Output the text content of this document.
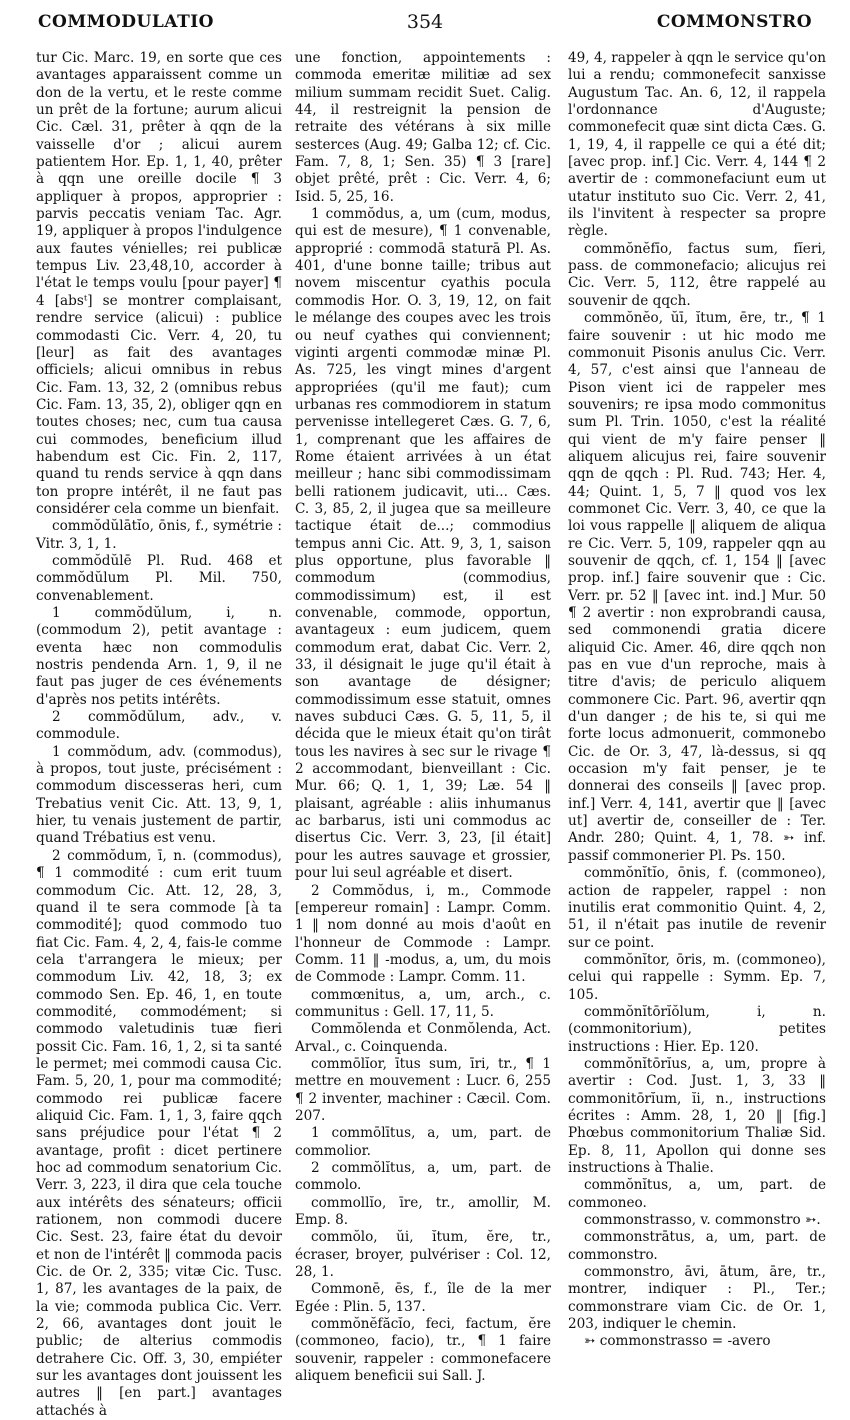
COMMODULATIO	354	COMMONSTRO

tur Cic. Marc. 19, en sorte que ces avantages apparaissent comme un don de la vertu, et le reste comme un prêt de la fortune; aurum alicui Cic. Cæl. 31, prêter à qqn de la vaisselle d'or ; alicui aurem patientem Hor. Ep. 1, 1, 40, prêter à qqn une oreille docile ¶ 3 appliquer à propos, approprier : parvis peccatis veniam Tac. Agr. 19, appliquer à propos l'indulgence aux fautes vénielles; rei publicæ tempus Liv. 23,48,10, accorder à l'état le temps voulu [pour payer] ¶ 4 [absᵗ] se montrer complaisant, rendre service (alicui) : publice commodasti Cic. Verr. 4, 20, tu [leur] as fait des avantages officiels; alicui omnibus in rebus Cic. Fam. 13, 32, 2 (omnibus rebus Cic. Fam. 13, 35, 2), obliger qqn en toutes choses; nec, cum tua causa cui commodes, beneficium illud habendum est Cic. Fin. 2, 117, quand tu rends service à qqn dans ton propre intérêt, il ne faut pas considérer cela comme un bienfait.

commŏdŭlātĭo, ōnis, f., symétrie : Vitr. 3, 1, 1.

commŏdŭlē Pl. Rud. 468 et commŏdŭlum Pl. Mil. 750, convenablement.

1 commŏdŭlum, i, n. (commodum 2), petit avantage : eventa hæc non commodulis nostris pendenda Arn. 1, 9, il ne faut pas juger de ces événements d'après nos petits intérêts.

2 commŏdŭlum, adv., v. commodule.

1 commŏdum, adv. (commodus), à propos, tout juste, précisément : commodum discesseras heri, cum Trebatius venit Cic. Att. 13, 9, 1, hier, tu venais justement de partir, quand Trébatius est venu.

2 commŏdum, ī, n. (commodus), ¶ 1 commodité : cum erit tuum commodum Cic. Att. 12, 28, 3, quand il te sera commode [à ta commodité]; quod commodo tuo fiat Cic. Fam. 4, 2, 4, fais-le comme cela t'arrangera le mieux; per commodum Liv. 42, 18, 3; ex commodo Sen. Ep. 46, 1, en toute commodité, commodément; si commodo valetudinis tuæ fieri possit Cic. Fam. 16, 1, 2, si ta santé le permet; mei commodi causa Cic. Fam. 5, 20, 1, pour ma commodité; commodo rei publicæ facere aliquid Cic. Fam. 1, 1, 3, faire qqch sans préjudice pour l'état ¶ 2 avantage, profit : dicet pertinere hoc ad commodum senatorium Cic. Verr. 3, 223, il dira que cela touche aux intérêts des sénateurs; officii rationem, non commodi ducere Cic. Sest. 23, faire état du devoir et non de l'intérêt ‖ commoda pacis Cic. de Or. 2, 335; vitæ Cic. Tusc. 1, 87, les avantages de la paix, de la vie; commoda publica Cic. Verr. 2, 66, avantages dont jouit le public; de alterius commodis detrahere Cic. Off. 3, 30, empiéter sur les avantages dont jouissent les autres ‖ [en part.] avantages attachés à

une fonction, appointements : commoda emeritæ militiæ ad sex milium summam recidit Suet. Calig. 44, il restreignit la pension de retraite des vétérans à six mille sesterces (Aug. 49; Galba 12; cf. Cic. Fam. 7, 8, 1; Sen. 35) ¶ 3 [rare] objet prêté, prêt : Cic. Verr. 4, 6; Isid. 5, 25, 16.

1 commŏdus, a, um (cum, modus, qui est de mesure), ¶ 1 convenable, approprié : commodā staturā Pl. As. 401, d'une bonne taille; tribus aut novem miscentur cyathis pocula commodis Hor. O. 3, 19, 12, on fait le mélange des coupes avec les trois ou neuf cyathes qui conviennent; viginti argenti commodæ minæ Pl. As. 725, les vingt mines d'argent appropriées (qu'il me faut); cum urbanas res commodiorem in statum pervenisse intellegeret Cæs. G. 7, 6, 1, comprenant que les affaires de Rome étaient arrivées à un état meilleur ; hanc sibi commodissimam belli rationem judicavit, uti... Cæs. C. 3, 85, 2, il jugea que sa meilleure tactique était de...; commodius tempus anni Cic. Att. 9, 3, 1, saison plus opportune, plus favorable ‖ commodum (commodius, commodissimum) est, il est convenable, commode, opportun, avantageux : eum judicem, quem commodum erat, dabat Cic. Verr. 2, 33, il désignait le juge qu'il était à son avantage de désigner; commodissimum esse statuit, omnes naves subduci Cæs. G. 5, 11, 5, il décida que le mieux était qu'on tirât tous les navires à sec sur le rivage ¶ 2 accommodant, bienveillant : Cic. Mur. 66; Q. 1, 1, 39; Læ. 54 ‖ plaisant, agréable : aliis inhumanus ac barbarus, isti uni commodus ac disertus Cic. Verr. 3, 23, [il était] pour les autres sauvage et grossier, pour lui seul agréable et disert.

2 Commŏdus, i, m., Commode [empereur romain] : Lampr. Comm. 1 ‖ nom donné au mois d'août en l'honneur de Commode : Lampr. Comm. 11 ‖ -modus, a, um, du mois de Commode : Lampr. Comm. 11.

commœnitus, a, um, arch., c. communitus : Gell. 17, 11, 5.

Commŏlenda et Conmŏlenda, Act. Arval., c. Coinquenda.

commōlĭor, ītus sum, īri, tr., ¶ 1 mettre en mouvement : Lucr. 6, 255 ¶ 2 inventer, machiner : Cæcil. Com. 207.

1 commōlītus, a, um, part. de commolior.

2 commŏlĭtus, a, um, part. de commolo.

commollĭo, īre, tr., amollir, M. Emp. 8.

commŏlo, ŭi, ĭtum, ĕre, tr., écraser, broyer, pulvériser : Col. 12, 28, 1.

Commonē, ēs, f., île de la mer Egée : Plin. 5, 137.

commŏnĕfăcĭo, feci, factum, ĕre (commoneo, facio), tr., ¶ 1 faire souvenir, rappeler : commonefacere aliquem beneficii sui Sall. J.

49, 4, rappeler à qqn le service qu'on lui a rendu; commonefecit sanxisse Augustum Tac. An. 6, 12, il rappela l'ordonnance d'Auguste; commonefecit quæ sint dicta Cæs. G. 1, 19, 4, il rappelle ce qui a été dit; [avec prop. inf.] Cic. Verr. 4, 144 ¶ 2 avertir de : commonefaciunt eum ut utatur instituto suo Cic. Verr. 2, 41, ils l'invitent à respecter sa propre règle.

commŏnĕfīo, factus sum, fĭeri, pass. de commonefacio; alicujus rei Cic. Verr. 5, 112, être rappelé au souvenir de qqch.

commŏnĕo, ŭī, ĭtum, ēre, tr., ¶ 1 faire souvenir : ut hic modo me commonuit Pisonis anulus Cic. Verr. 4, 57, c'est ainsi que l'anneau de Pison vient ici de rappeler mes souvenirs; re ipsa modo commonitus sum Pl. Trin. 1050, c'est la réalité qui vient de m'y faire penser ‖ aliquem alicujus rei, faire souvenir qqn de qqch : Pl. Rud. 743; Her. 4, 44; Quint. 1, 5, 7 ‖ quod vos lex commonet Cic. Verr. 3, 40, ce que la loi vous rappelle ‖ aliquem de aliqua re Cic. Verr. 5, 109, rappeler qqn au souvenir de qqch, cf. 1, 154 ‖ [avec prop. inf.] faire souvenir que : Cic. Verr. pr. 52 ‖ [avec int. ind.] Mur. 50 ¶ 2 avertir : non exprobrandi causa, sed commonendi gratia dicere aliquid Cic. Amer. 46, dire qqch non pas en vue d'un reproche, mais à titre d'avis; de periculo aliquem commonere Cic. Part. 96, avertir qqn d'un danger ; de his te, si qui me forte locus admonuerit, commonebo Cic. de Or. 3, 47, là-dessus, si qq occasion m'y fait penser, je te donnerai des conseils ‖ [avec prop. inf.] Verr. 4, 141, avertir que ‖ [avec ut] avertir de, conseiller de : Ter. Andr. 280; Quint. 4, 1, 78. ➳ inf. passif commonerier Pl. Ps. 150.

commŏnĭtĭo, ōnis, f. (commoneo), action de rappeler, rappel : non inutilis erat commonitio Quint. 4, 2, 51, il n'était pas inutile de revenir sur ce point.

commŏnĭtor, ōris, m. (commoneo), celui qui rappelle : Symm. Ep. 7, 105.

commŏnĭtōrĭŏlum, i, n. (commonitorium), petites instructions : Hier. Ep. 120.

commŏnĭtōrĭus, a, um, propre à avertir : Cod. Just. 1, 3, 33 ‖ commonitōrĭum, ĭi, n., instructions écrites : Amm. 28, 1, 20 ‖ [fig.] Phœbus commonitorium Thaliæ Sid. Ep. 8, 11, Apollon qui donne ses instructions à Thalie.

commŏnĭtus, a, um, part. de commoneo.

commonstrasso, v. commonstro ➳.

commonstrātus, a, um, part. de commonstro.

commonstro, āvi, ātum, āre, tr., montrer, indiquer : Pl., Ter.; commonstrare viam Cic. de Or. 1, 203, indiquer le chemin.

➳ commonstrasso = -avero
